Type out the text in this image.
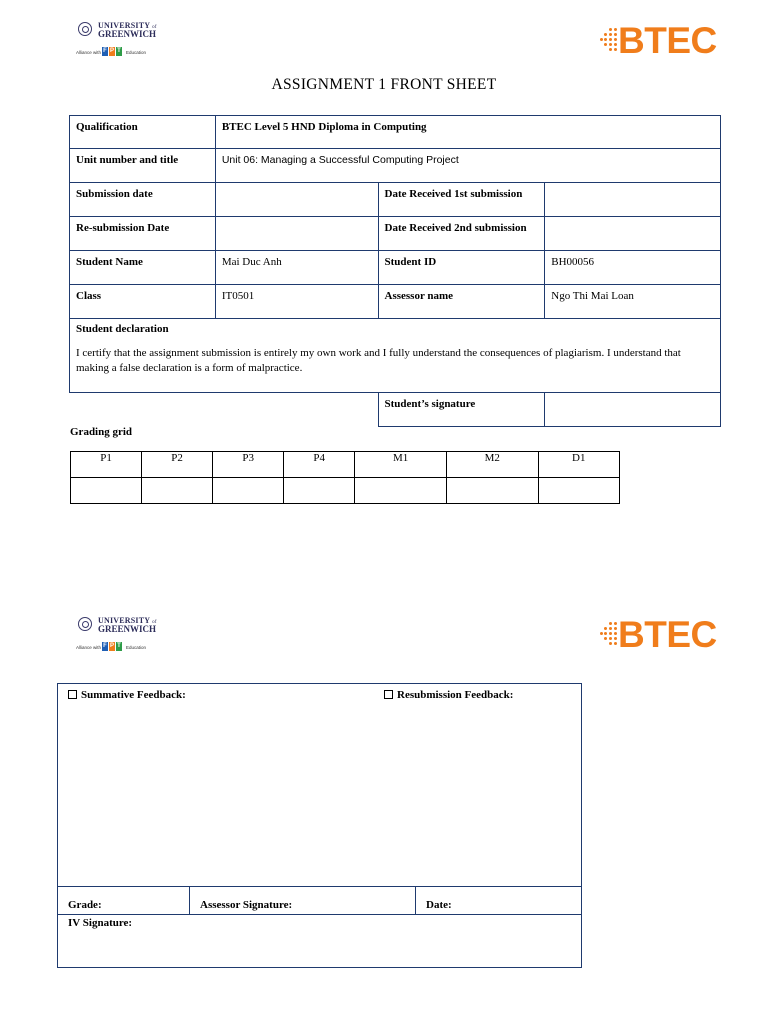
UNIVERSITY of
GREENWICH
Alliance with F P T Education	BTEC
ASSIGNMENT 1 FRONT SHEET
Qualification	BTEC Level 5 HND Diploma in Computing		
Unit number and title	Unit 06: Managing a Successful Computing Project		
Submission date		Date Received 1st submission	
Re-submission Date		Date Received 2nd submission	
Student Name	Mai Duc Anh	Student ID	BH00056
Class	IT0501	Assessor name	Ngo Thi Mai Loan

Student declaration
I certify that the assignment submission is entirely my own work and I fully understand the consequences of plagiarism. I understand that making a false declaration is a form of malpractice.			

		Student’s signature	
Grading grid
P1	P2	P3	P4	M1	M2	D1

UNIVERSITY of
GREENWICH
Alliance with F P T Education	BTEC
Summative Feedback:	Resubmission Feedback:
Grade:	Assessor Signature:	Date:
IV Signature:
